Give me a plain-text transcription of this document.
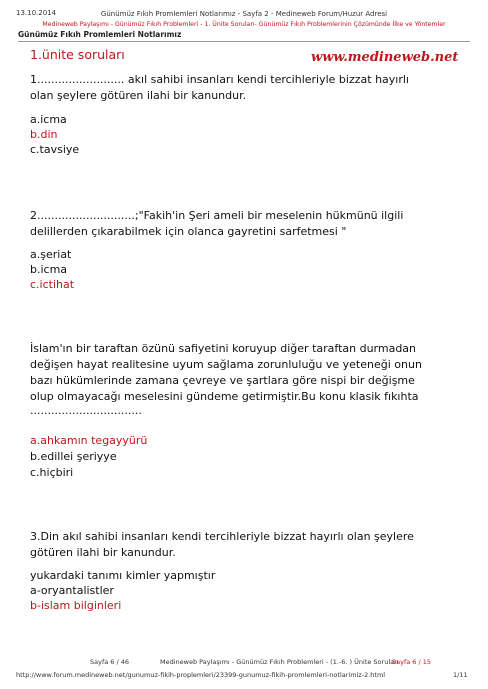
13.10.2014	Günümüz Fıkıh Promlemleri Notlarımız - Sayfa 2 - Medineweb Forum/Huzur Adresi
Medineweb Paylaşımı - Günümüz Fıkıh Problemleri - 1. Ünite Soruları- Günümüz Fıkıh Problemlerinin Çözümünde İlke ve Yöntemler
Günümüz Fıkıh Promlemleri Notlarımız
1.ünite soruları	www.medineweb.net
1......................... akıl sahibi insanları kendi tercihleriyle bizzat hayırlı
olan şeylere götüren ilahi bir kanundur.
a.icma
b.din
c.tavsiye
2............................;"Fakih'in Şeri ameli bir meselenin hükmünü ilgili
delillerden çıkarabilmek için olanca gayretini sarfetmesi "
a.şeriat
b.icma
c.ictihat
İslam'ın bir taraftan özünü safiyetini koruyup diğer taraftan durmadan
değişen hayat realitesine uyum sağlama zorunluluğu ve yeteneği onun
bazı hükümlerinde zamana çevreye ve şartlara göre nispi bir değişme
olup olmayacağı meselesini gündeme getirmiştir.Bu konu klasik fıkıhta
................................
a.ahkamın tegayyürü
b.edillei şeriyye
c.hiçbiri
3.Din akıl sahibi insanları kendi tercihleriyle bizzat hayırlı olan şeylere
götüren ilahi bir kanundur.
yukardaki tanımı kimler yapmıştır
a-oryantalistler
b-islam bilginleri
Sayfa 6 / 46	Medineweb Paylaşımı - Günümüz Fıkıh Problemleri - (1.-6. ) Ünite Soruları
Sayfa 6 / 15
http://www.forum.medineweb.net/gunumuz-fikih-proplemleri/23399-gunumuz-fikih-promlemleri-notlarimiz-2.html	1/11
